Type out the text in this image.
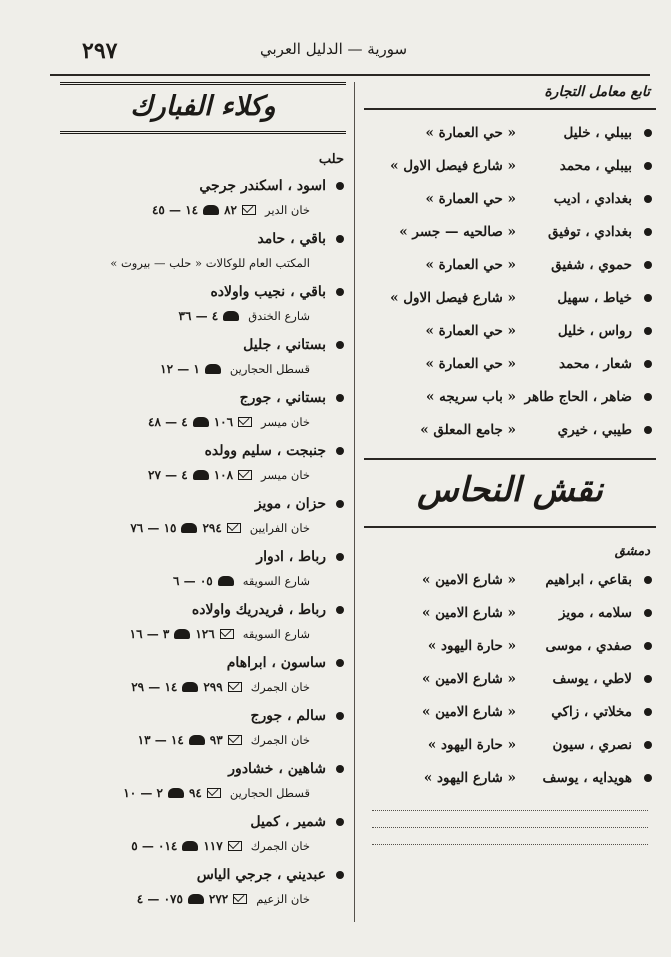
٢٩٧	سورية — الدليل العربي
تابع معامل التجارة
بيبلي ، خليل
« حي العمارة »
بيبلي ، محمد
« شارع فيصل الاول »
بغدادي ، اديب
« حي العمارة »
بغدادي ، توفيق
« صالحيه — جسر »
حموي ، شفيق
« حي العمارة »
خياط ، سهيل
« شارع فيصل الاول »
رواس ، خليل
« حي العمارة »
شعار ، محمد
« حي العمارة »
ضاهر ، الحاج طاهر
« باب سريجه »
طيبي ، خيري
« جامع المعلق »
نقش النحاس
دمشق
بقاعي ، ابراهيم
« شارع الامين »
سلامه ، مويز
« شارع الامين »
صفدي ، موسى
« حارة اليهود »
لاطي ، يوسف
« شارع الامين »
مخلاتي ، زاكي
« شارع الامين »
نصري ، سيون
« حارة اليهود »
هويدايه ، يوسف
« شارع اليهود »
وكلاء الفبارك
حلب
اسود ، اسكندر جرجي
خان الدير
٨٢
١٤ — ٤٥
باقي ، حامد
المكتب العام للوكالات « حلب — بيروت »
باقي ، نجيب واولاده
شارع الخندق
٤ — ٣٦
بستاني ، جليل
قسطل الحجارين
١ — ١٢
بستاني ، جورج
خان ميسر
١٠٦
٤ — ٤٨
جنبجت ، سليم وولده
خان ميسر
١٠٨
٤ — ٢٧
حزان ، مويز
خان الفرايين
٢٩٤
١٥ — ٧٦
رباط ، ادوار
شارع السويقه
٠٥ — ٦
رباط ، فريدريك واولاده
شارع السويقه
١٢٦
٣ — ١٦
ساسون ، ابراهام
خان الجمرك
٢٩٩
١٤ — ٢٩
سالم ، جورج
خان الجمرك
٩٣
١٤ — ١٣
شاهين ، خشادور
قسطل الحجارين
٩٤
٢ — ١٠
شمير ، كميل
خان الجمرك
١١٧
٠١٤ — ٥
عبديني ، جرجي الياس
خان الزعيم
٢٧٢
٠٧٥ — ٤
